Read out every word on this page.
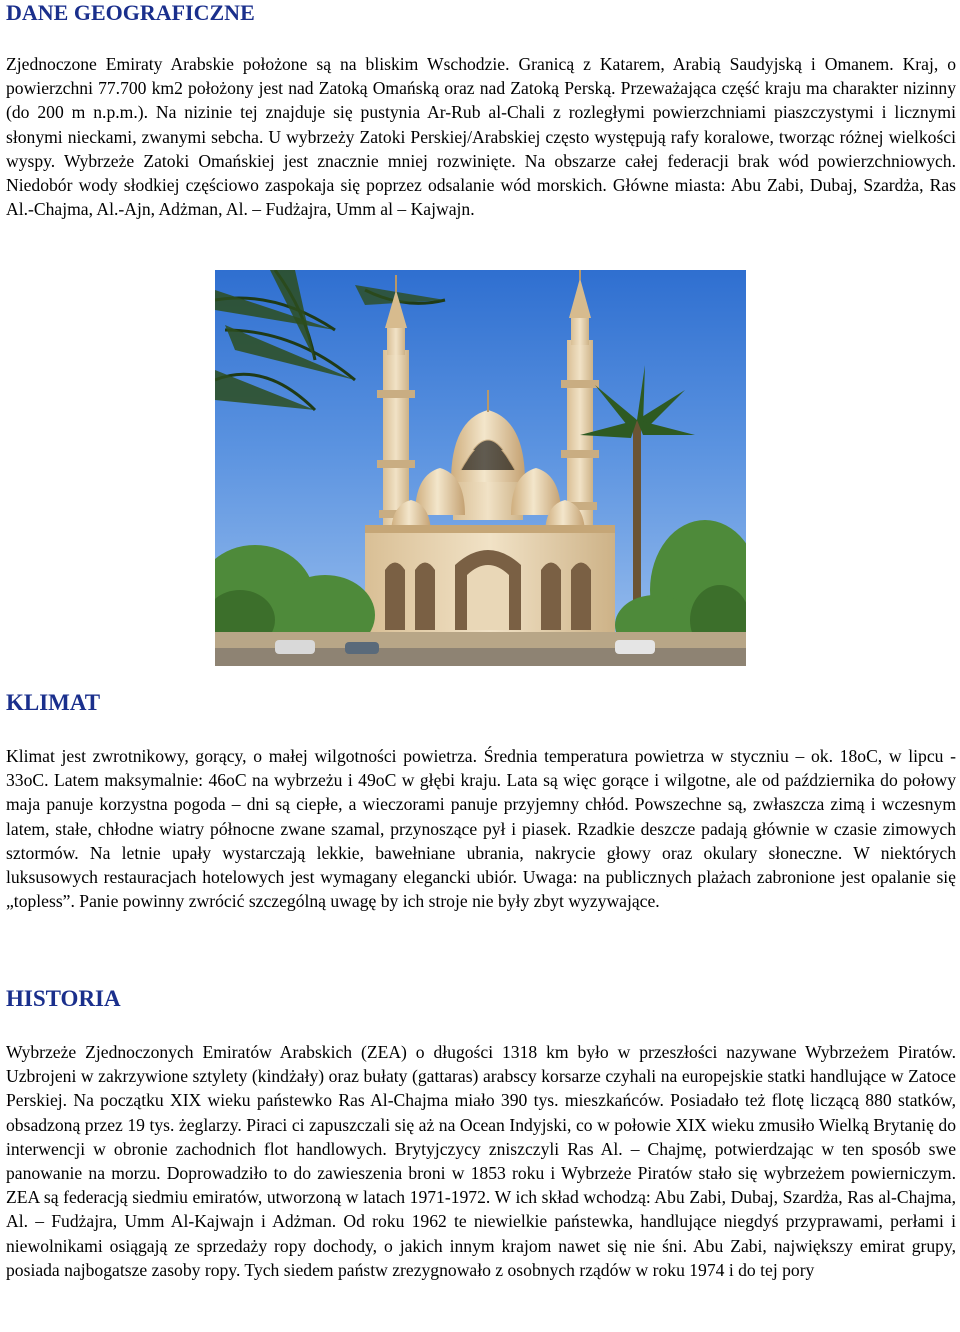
DANE GEOGRAFICZNE

Zjednoczone Emiraty Arabskie położone są na bliskim Wschodzie. Granicą z Katarem, Arabią Saudyjską i Omanem. Kraj, o powierzchni 77.700 km2 położony jest nad Zatoką Omańską oraz nad Zatoką Perską. Przeważająca część kraju ma charakter nizinny (do 200 m n.p.m.). Na nizinie tej znajduje się pustynia Ar-Rub al-Chali z rozległymi powierzchniami piaszczystymi i licznymi słonymi nieckami, zwanymi sebcha. U wybrzeży Zatoki Perskiej/Arabskiej często występują rafy koralowe, tworząc różnej wielkości wyspy. Wybrzeże Zatoki Omańskiej jest znacznie mniej rozwinięte. Na obszarze całej federacji brak wód powierzchniowych. Niedobór wody słodkiej częściowo zaspokaja się poprzez odsalanie wód morskich. Główne miasta: Abu Zabi, Dubaj, Szardża, Ras Al.-Chajma, Al.-Ajn, Adżman, Al. – Fudżajra, Umm al – Kajwajn.

KLIMAT

Klimat jest zwrotnikowy, gorący, o małej wilgotności powietrza. Średnia temperatura powietrza w styczniu – ok. 18oC, w lipcu - 33oC. Latem maksymalnie: 46oC na wybrzeżu i 49oC w głębi kraju. Lata są więc gorące i wilgotne, ale od października do połowy maja panuje korzystna pogoda – dni są ciepłe, a wieczorami panuje przyjemny chłód. Powszechne są, zwłaszcza zimą i wczesnym latem, stałe, chłodne wiatry północne zwane szamal, przynoszące pył i piasek. Rzadkie deszcze padają głównie w czasie zimowych sztormów. Na letnie upały wystarczają lekkie, bawełniane ubrania, nakrycie głowy oraz okulary słoneczne. W niektórych luksusowych restauracjach hotelowych jest wymagany elegancki ubiór. Uwaga: na publicznych plażach zabronione jest opalanie się „topless”. Panie powinny zwrócić szczególną uwagę by ich stroje nie były zbyt wyzywające.

HISTORIA

Wybrzeże Zjednoczonych Emiratów Arabskich (ZEA) o długości 1318 km było w przeszłości nazywane Wybrzeżem Piratów. Uzbrojeni w zakrzywione sztylety (kindżały) oraz bułaty (gattaras) arabscy korsarze czyhali na europejskie statki handlujące w Zatoce Perskiej. Na początku XIX wieku państewko Ras Al-Chajma miało 390 tys. mieszkańców. Posiadało też flotę liczącą 880 statków, obsadzoną przez 19 tys. żeglarzy. Piraci ci zapuszczali się aż na Ocean Indyjski, co w połowie XIX wieku zmusiło Wielką Brytanię do interwencji w obronie zachodnich flot handlowych. Brytyjczycy zniszczyli Ras Al. – Chajmę, potwierdzając w ten sposób swe panowanie na morzu. Doprowadziło to do zawieszenia broni w 1853 roku i Wybrzeże Piratów stało się wybrzeżem powierniczym. ZEA są federacją siedmiu emiratów, utworzoną w latach 1971-1972. W ich skład wchodzą: Abu Zabi, Dubaj, Szardża, Ras al-Chajma, Al. – Fudżajra, Umm Al-Kajwajn i Adżman. Od roku 1962 te niewielkie państewka, handlujące niegdyś przyprawami, perłami i niewolnikami osiągają ze sprzedaży ropy dochody, o jakich innym krajom nawet się nie śni. Abu Zabi, największy emirat grupy, posiada najbogatsze zasoby ropy. Tych siedem państw zrezygnowało z osobnych rządów w roku 1974 i do tej pory
